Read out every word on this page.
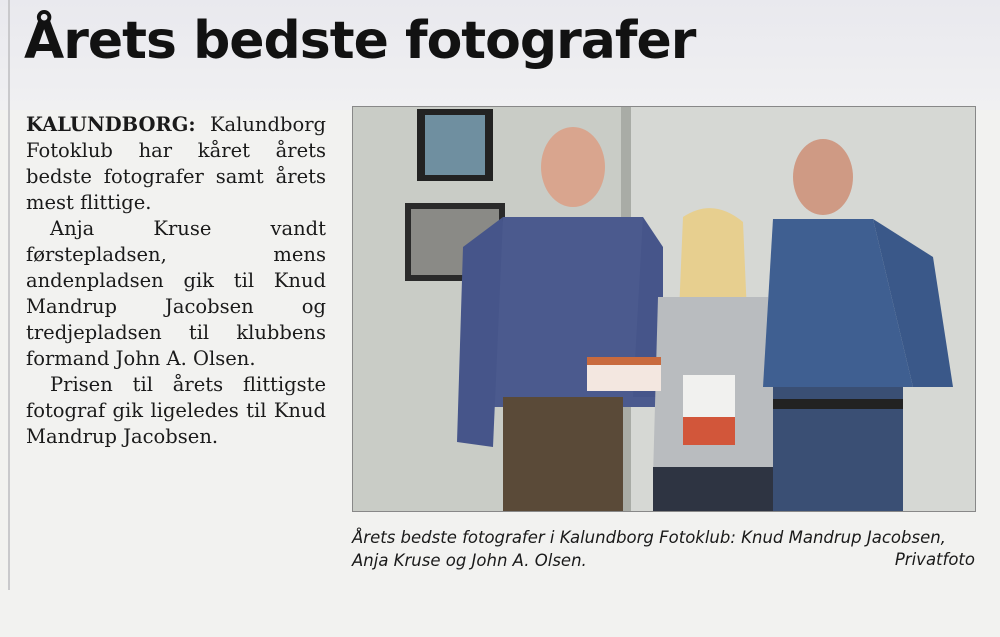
Årets bedste fotografer

KALUNDBORG: Kalundborg Fotoklub har kåret årets bedste fotografer samt årets mest flittige.

Anja Kruse vandt førstepladsen, mens andenpladsen gik til Knud Mandrup Jacobsen og tredjepladsen til klubbens formand John A. Olsen.

Prisen til årets flittigste fotograf gik ligeledes til Knud Mandrup Jacobsen.

Årets bedste fotografer i Kalundborg Fotoklub: Knud Mandrup Jacobsen, Anja Kruse og John A. Olsen.	Privatfoto
